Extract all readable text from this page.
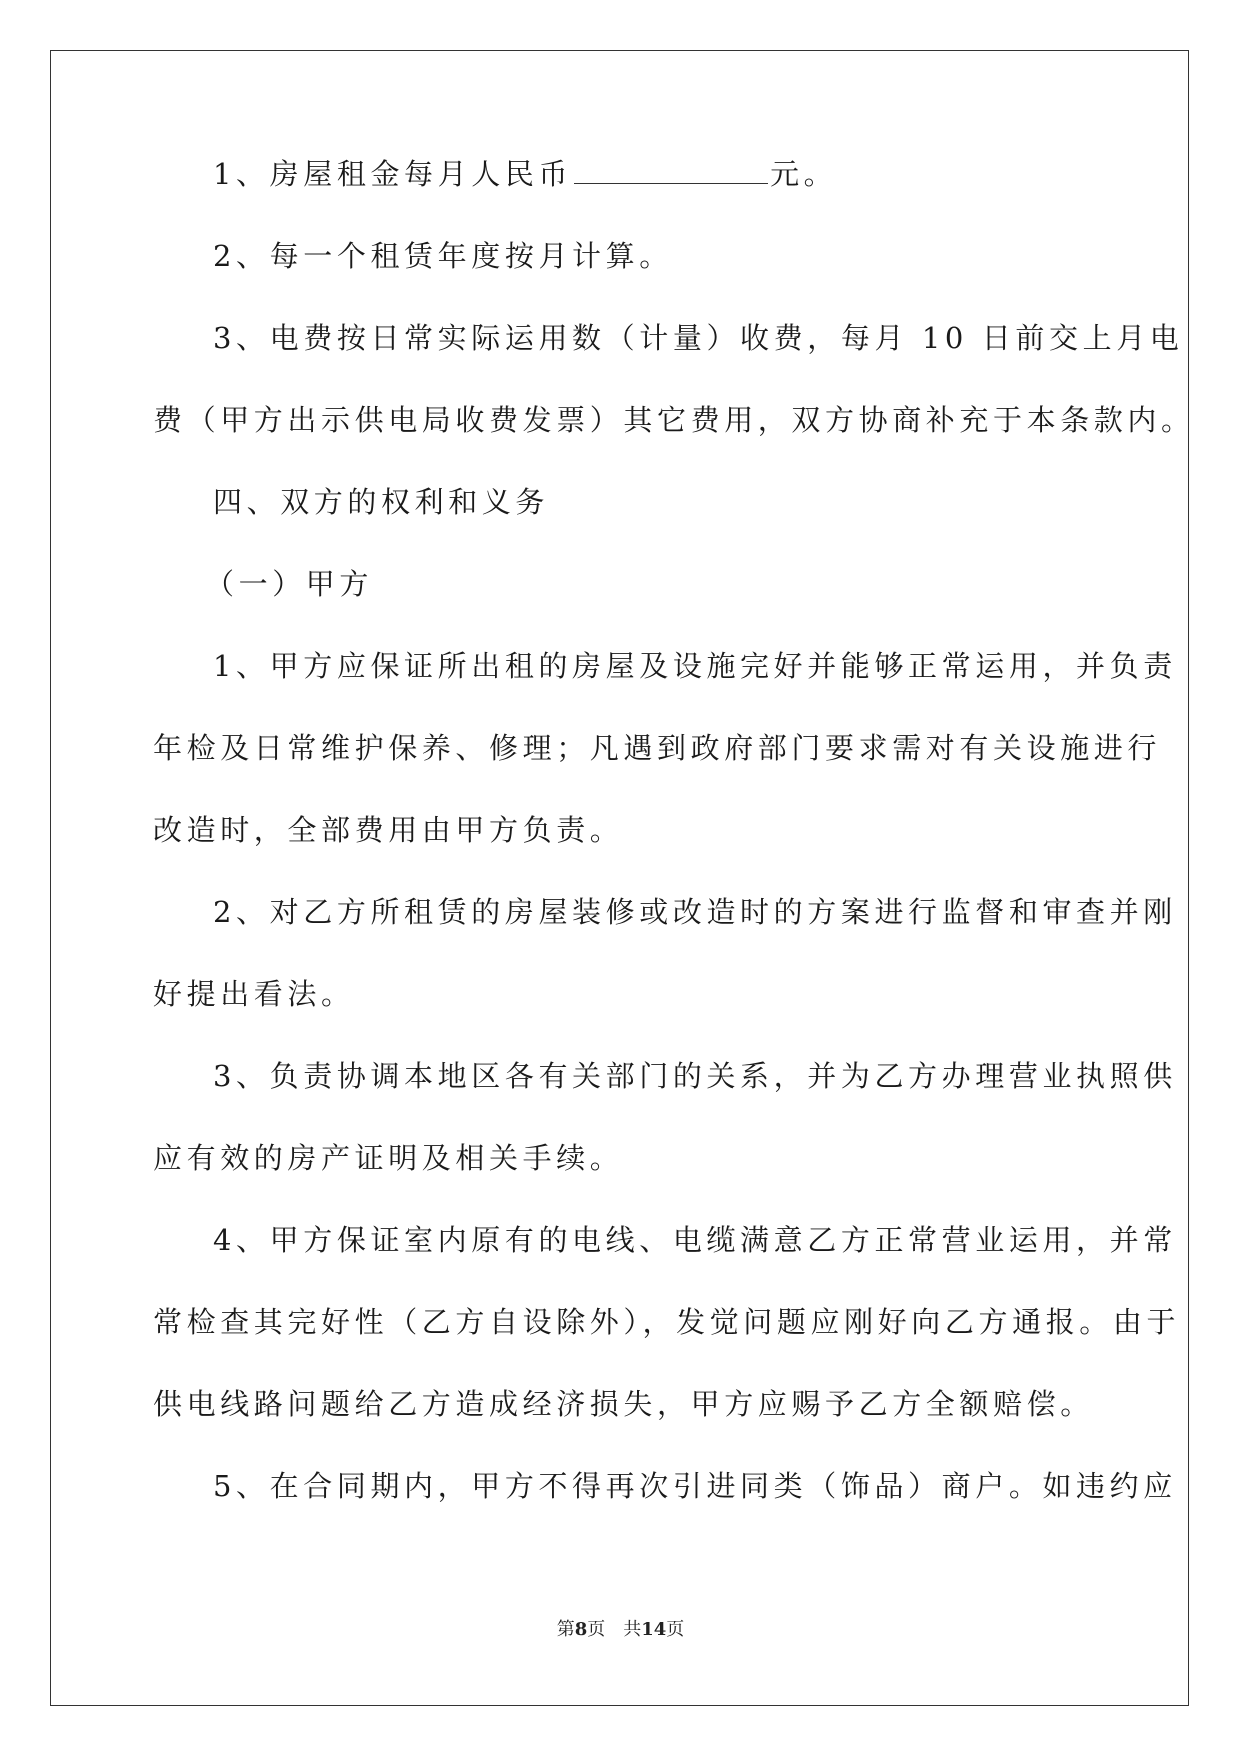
1、房屋租金每月人民币	元。
2、每一个租赁年度按月计算。
3、电费按日常实际运用数（计量）收费，每月 10 日前交上月电
费（甲方出示供电局收费发票）其它费用，双方协商补充于本条款内。
四、双方的权利和义务
（一）甲方
1、甲方应保证所出租的房屋及设施完好并能够正常运用，并负责
年检及日常维护保养、修理；凡遇到政府部门要求需对有关设施进行
改造时，全部费用由甲方负责。
2、对乙方所租赁的房屋装修或改造时的方案进行监督和审查并刚
好提出看法。
3、负责协调本地区各有关部门的关系，并为乙方办理营业执照供
应有效的房产证明及相关手续。
4、甲方保证室内原有的电线、电缆满意乙方正常营业运用，并常
常检查其完好性（乙方自设除外），发觉问题应刚好向乙方通报。由于
供电线路问题给乙方造成经济损失，甲方应赐予乙方全额赔偿。
5、在合同期内，甲方不得再次引进同类（饰品）商户。如违约应
第8页　共14页
